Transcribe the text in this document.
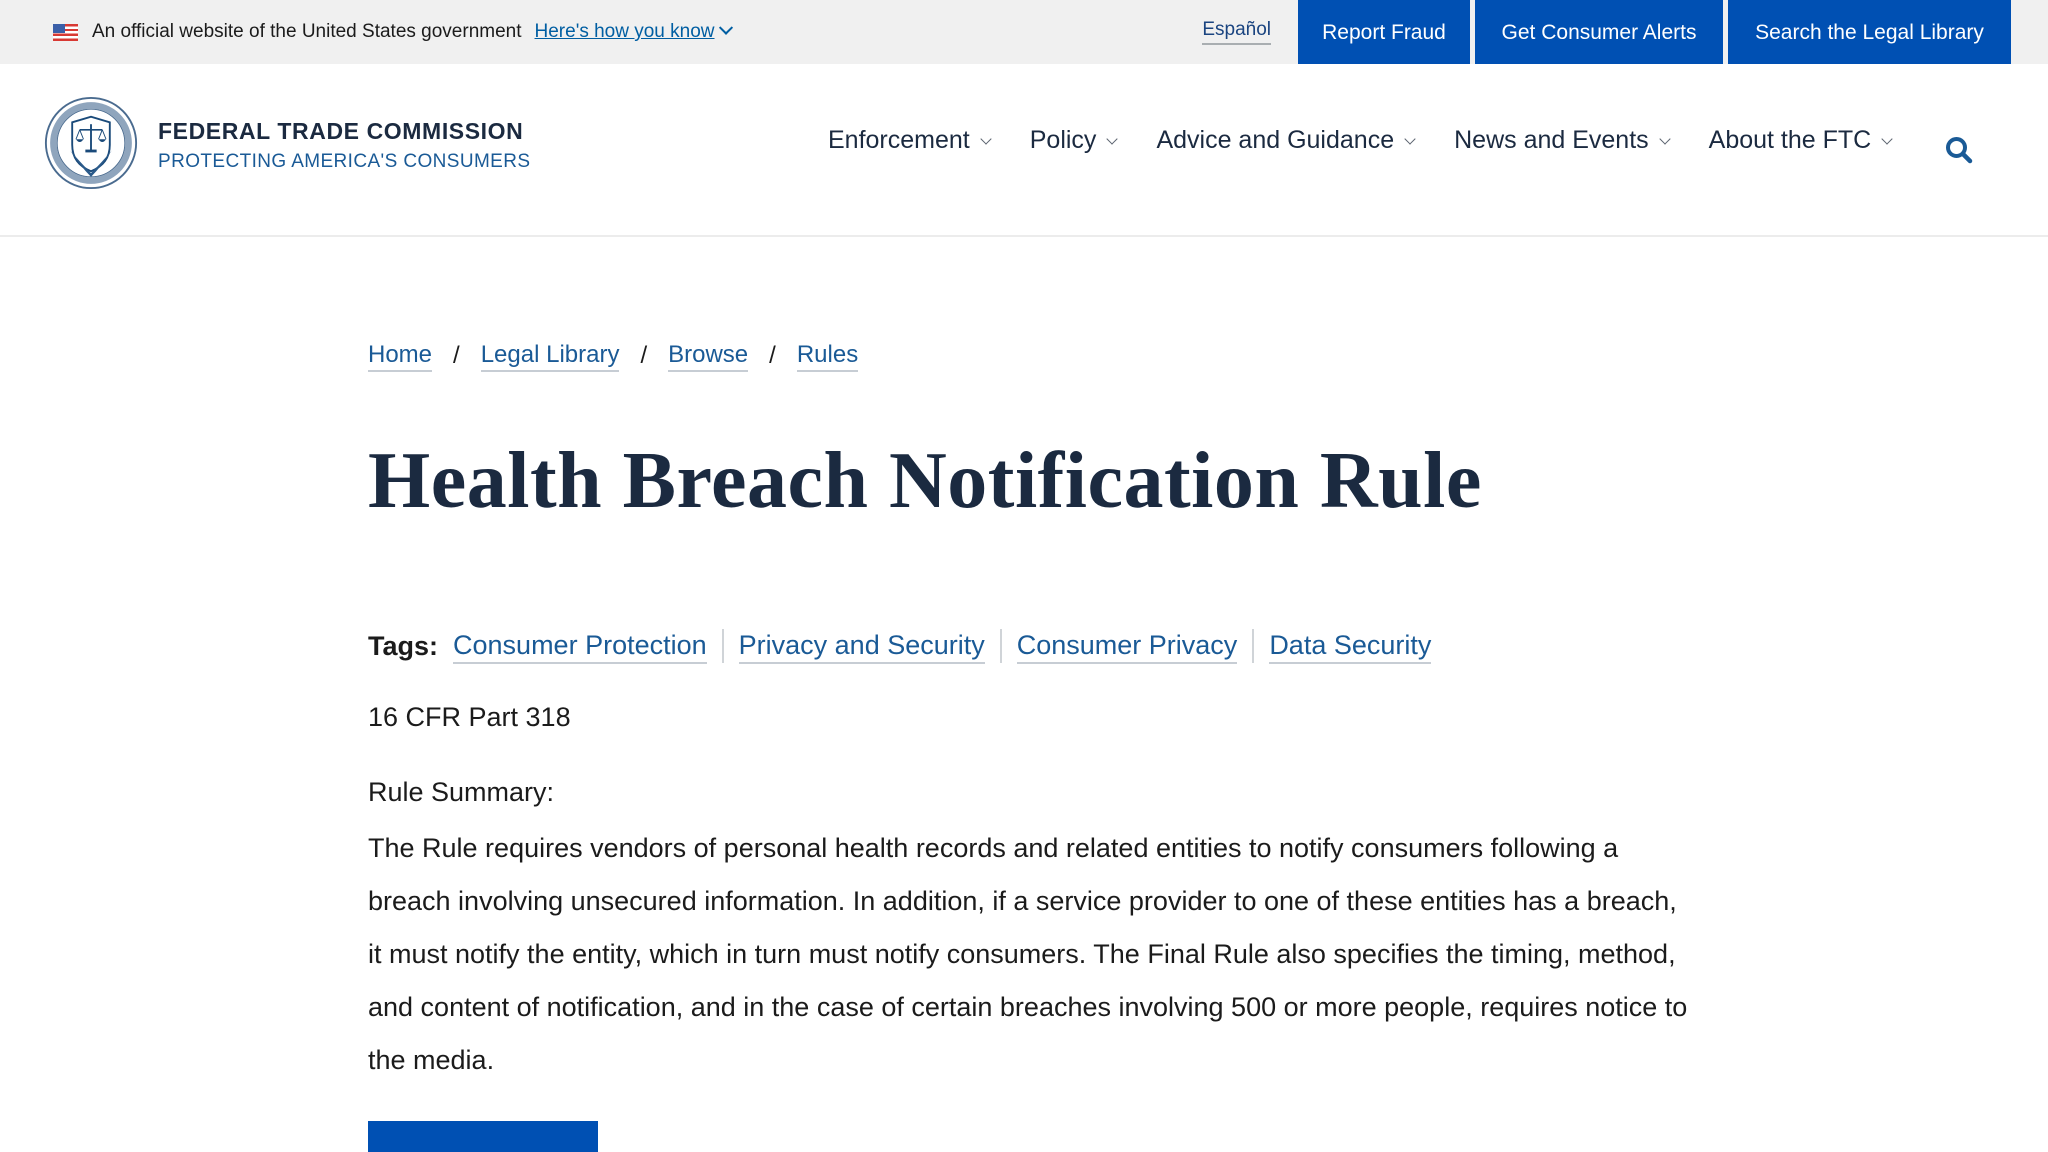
An official website of the United States government Here's how you know	Español	Report Fraud	Get Consumer Alerts	Search the Legal Library
FEDERAL TRADE COMMISSION
PROTECTING AMERICA'S CONSUMERS
Enforcement Policy Advice and Guidance News and Events About the FTC
Home / Legal Library / Browse / Rules
Health Breach Notification Rule
Tags: Consumer Protection Privacy and Security Consumer Privacy Data Security
16 CFR Part 318
Rule Summary:

The Rule requires vendors of personal health records and related entities to notify consumers following a breach involving unsecured information. In addition, if a service provider to one of these entities has a breach, it must notify the entity, which in turn must notify consumers. The Final Rule also specifies the timing, method, and content of notification, and in the case of certain breaches involving 500 or more people, requires notice to the media.
